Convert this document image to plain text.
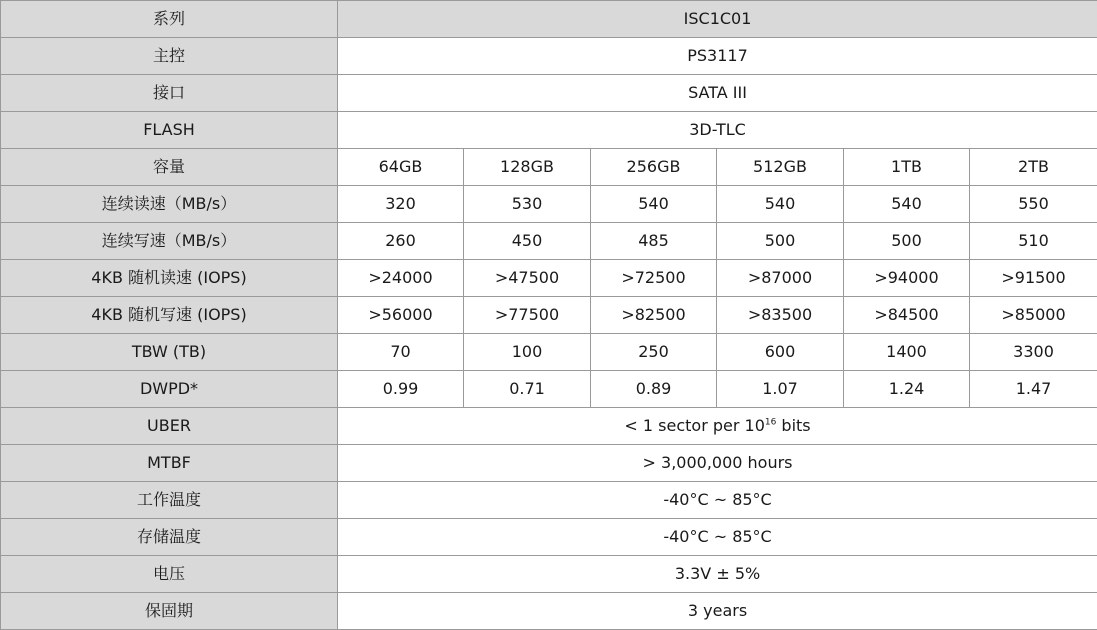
系列	ISC1C01					
主控	PS3117					
接口	SATA III					
FLASH	3D-TLC					
容量	64GB	128GB	256GB	512GB	1TB	2TB
连续读速（MB/s）	320	530	540	540	540	550
连续写速（MB/s）	260	450	485	500	500	510
4KB 随机读速 (IOPS)	>24000	>47500	>72500	>87000	>94000	>91500
4KB 随机写速 (IOPS)	>56000	>77500	>82500	>83500	>84500	>85000
TBW (TB)	70	100	250	600	1400	3300
DWPD*	0.99	0.71	0.89	1.07	1.24	1.47
UBER	< 1 sector per $10^{16}$ bits					
MTBF	> 3,000,000 hours					
工作温度	-40°C ~ 85°C					
存储温度	-40°C ~ 85°C					
电压	3.3V ± 5%					
保固期	3 years					
